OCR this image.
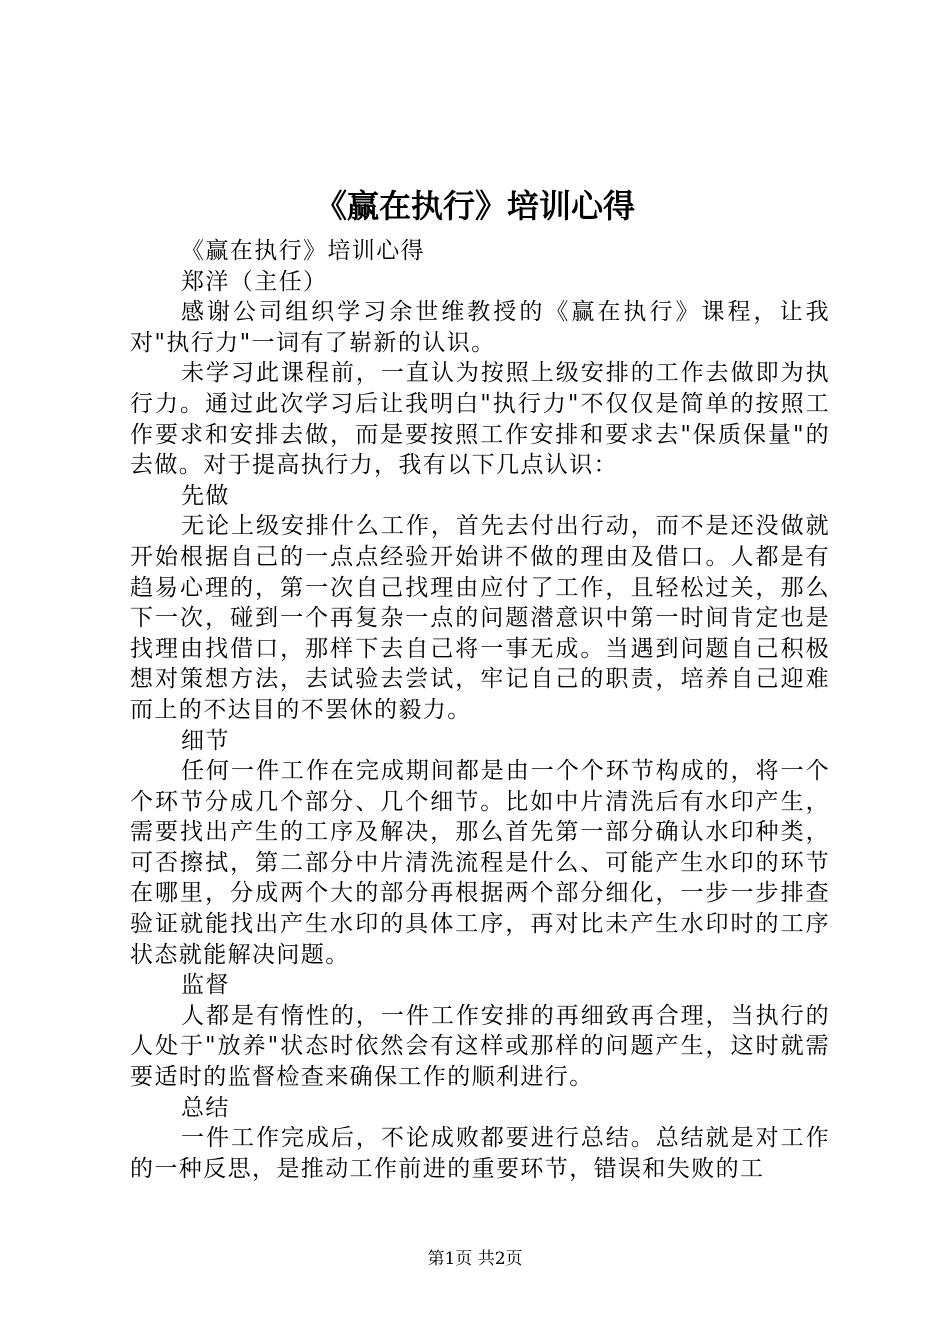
《赢在执行》培训心得

《赢在执行》培训心得

郑洋（主任）

感谢公司组织学习余世维教授的《赢在执行》课程，让我对"执行力"一词有了崭新的认识。

未学习此课程前，一直认为按照上级安排的工作去做即为执行力。通过此次学习后让我明白"执行力"不仅仅是简单的按照工作要求和安排去做，而是要按照工作安排和要求去"保质保量"的去做。对于提高执行力，我有以下几点认识：

先做

无论上级安排什么工作，首先去付出行动，而不是还没做就开始根据自己的一点点经验开始讲不做的理由及借口。人都是有趋易心理的，第一次自己找理由应付了工作，且轻松过关，那么下一次，碰到一个再复杂一点的问题潜意识中第一时间肯定也是找理由找借口，那样下去自己将一事无成。当遇到问题自己积极想对策想方法，去试验去尝试，牢记自己的职责，培养自己迎难而上的不达目的不罢休的毅力。

细节

任何一件工作在完成期间都是由一个个环节构成的，将一个个环节分成几个部分、几个细节。比如中片清洗后有水印产生，需要找出产生的工序及解决，那么首先第一部分确认水印种类，可否擦拭，第二部分中片清洗流程是什么、可能产生水印的环节在哪里，分成两个大的部分再根据两个部分细化，一步一步排查验证就能找出产生水印的具体工序，再对比未产生水印时的工序状态就能解决问题。

监督

人都是有惰性的，一件工作安排的再细致再合理，当执行的人处于"放养"状态时依然会有这样或那样的问题产生，这时就需要适时的监督检查来确保工作的顺利进行。

总结

一件工作完成后，不论成败都要进行总结。总结就是对工作的一种反思，是推动工作前进的重要环节，错误和失败的工

第1页 共2页
